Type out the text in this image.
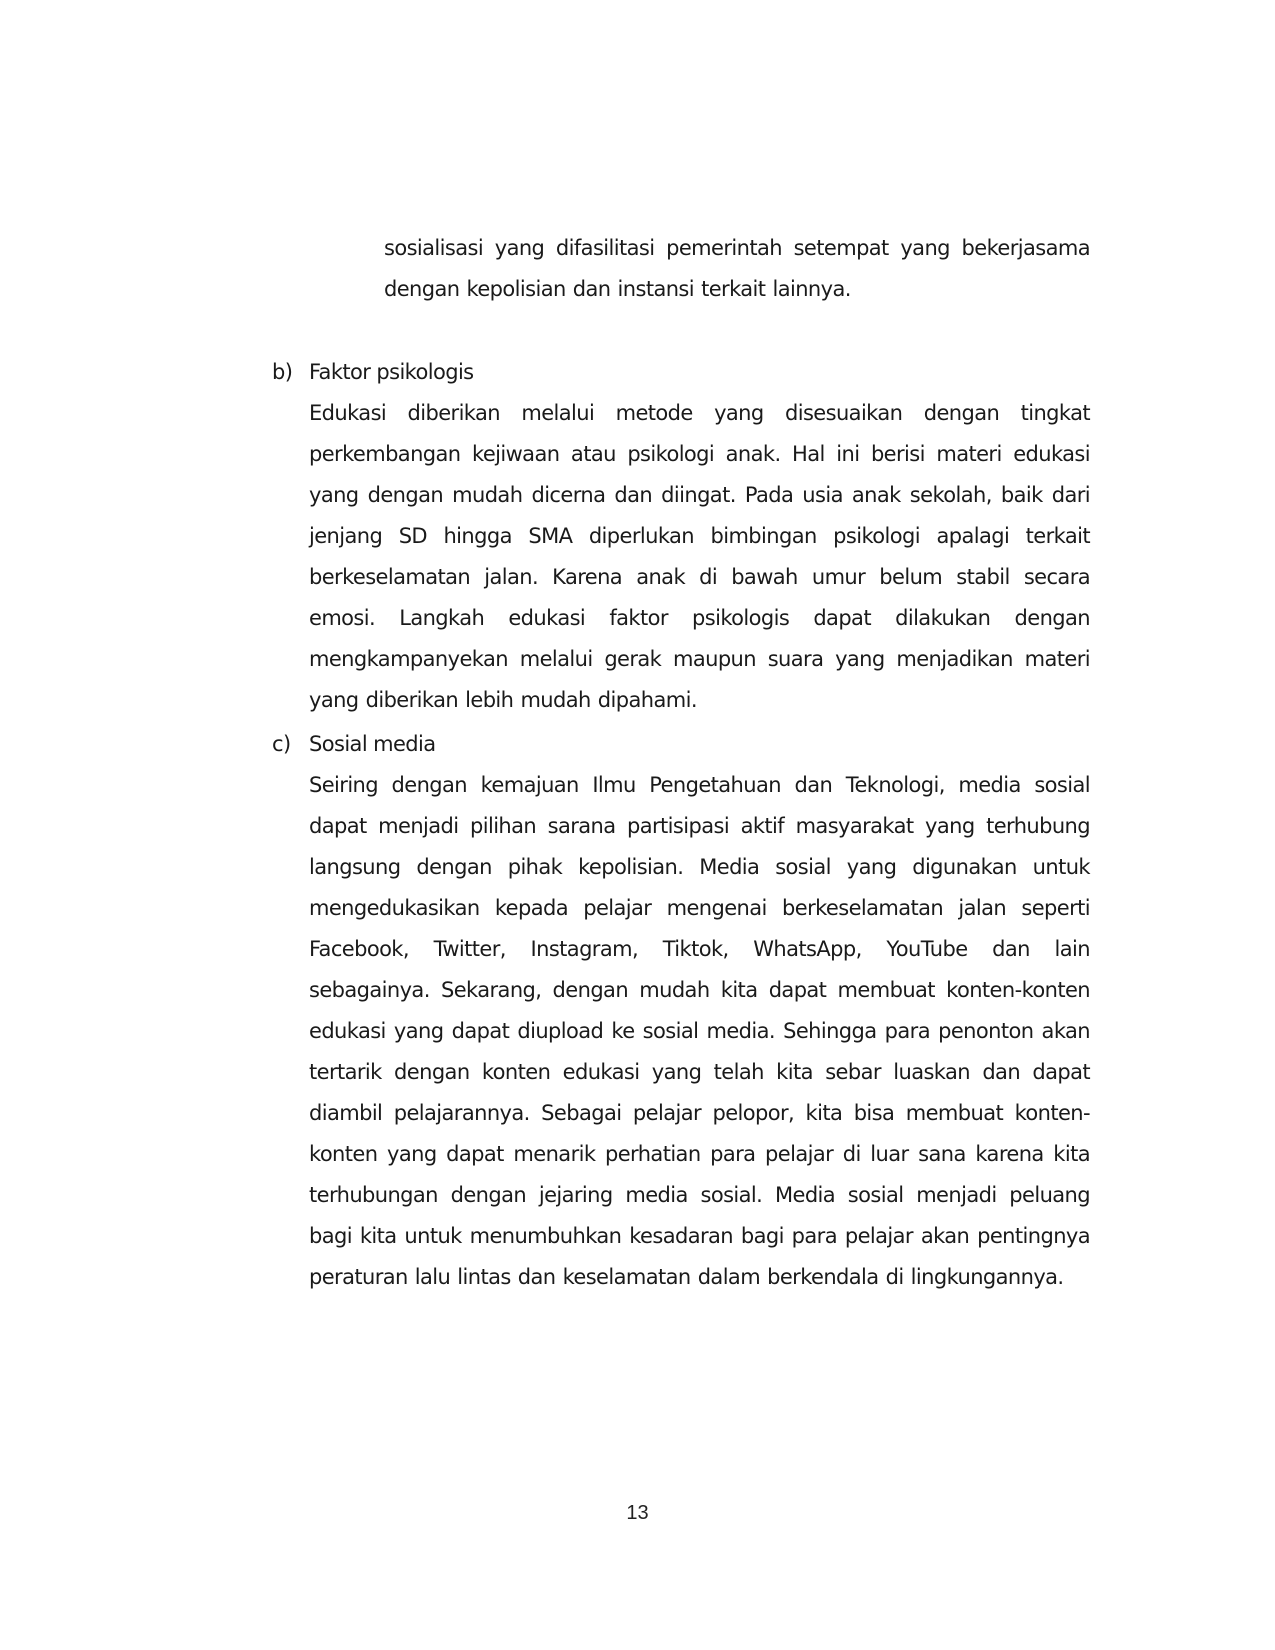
sosialisasi yang difasilitasi pemerintah setempat yang bekerjasama dengan kepolisian dan instansi terkait lainnya.

b) Faktor psikologis

Edukasi diberikan melalui metode yang disesuaikan dengan tingkat perkembangan kejiwaan atau psikologi anak. Hal ini berisi materi edukasi yang dengan mudah dicerna dan diingat. Pada usia anak sekolah, baik dari jenjang SD hingga SMA diperlukan bimbingan psikologi apalagi terkait berkeselamatan jalan. Karena anak di bawah umur belum stabil secara emosi. Langkah edukasi faktor psikologis dapat dilakukan dengan mengkampanyekan melalui gerak maupun suara yang menjadikan materi yang diberikan lebih mudah dipahami.

c) Sosial media

Seiring dengan kemajuan Ilmu Pengetahuan dan Teknologi, media sosial dapat menjadi pilihan sarana partisipasi aktif masyarakat yang terhubung langsung dengan pihak kepolisian. Media sosial yang digunakan untuk mengedukasikan kepada pelajar mengenai berkeselamatan jalan seperti Facebook, Twitter, Instagram, Tiktok, WhatsApp, YouTube dan lain sebagainya. Sekarang, dengan mudah kita dapat membuat konten-konten edukasi yang dapat diupload ke sosial media. Sehingga para penonton akan tertarik dengan konten edukasi yang telah kita sebar luaskan dan dapat diambil pelajarannya. Sebagai pelajar pelopor, kita bisa membuat konten-konten yang dapat menarik perhatian para pelajar di luar sana karena kita terhubungan dengan jejaring media sosial. Media sosial menjadi peluang bagi kita untuk menumbuhkan kesadaran bagi para pelajar akan pentingnya peraturan lalu lintas dan keselamatan dalam berkendala di lingkungannya.

13
